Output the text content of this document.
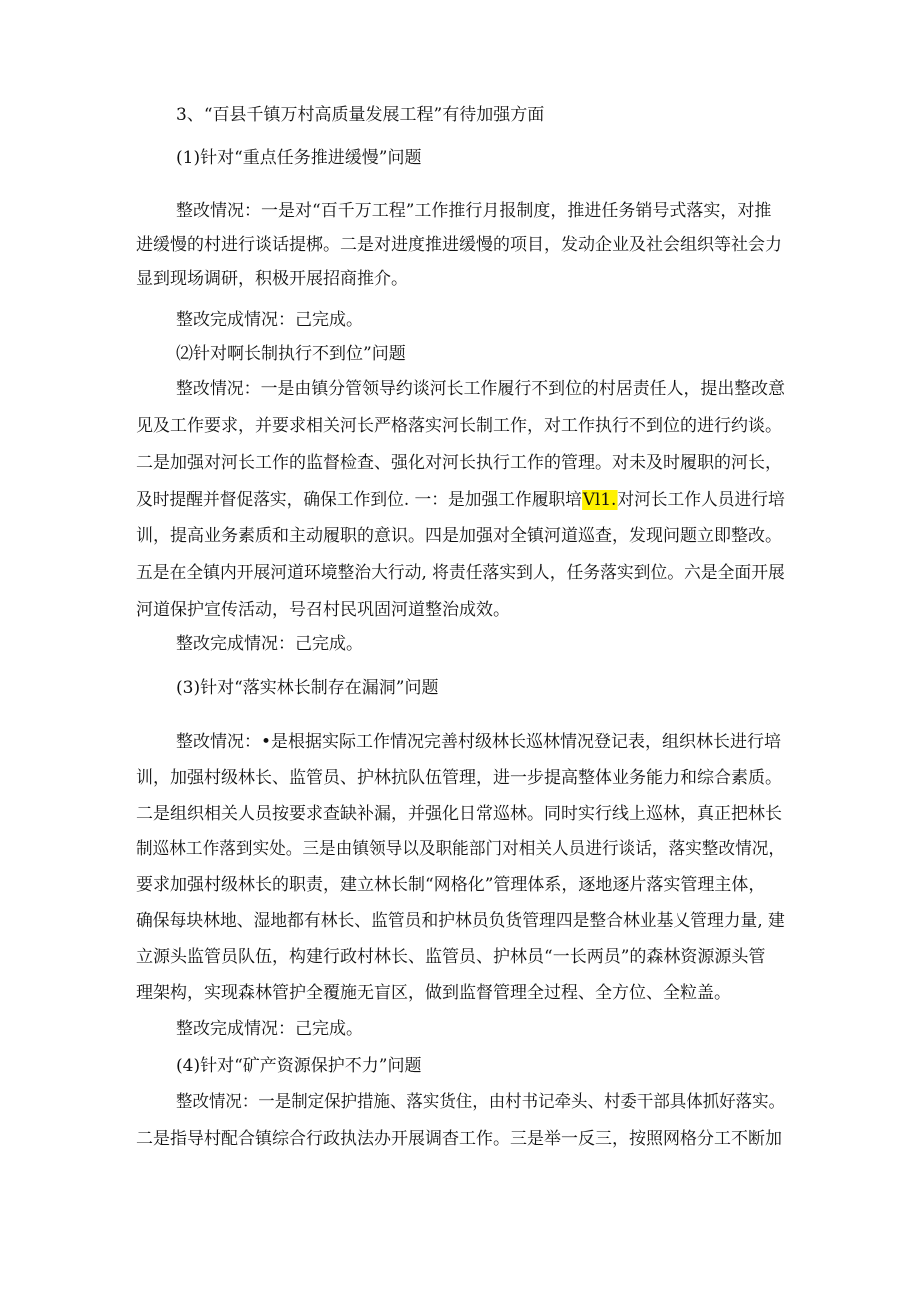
3、“百县千镇万村高质量发展工程”有待加强方面
(1)针对“重点任务推进缓慢”问题
整改情况：一是对“百千万工程”工作推行月报制度，推进任务销号式落实，对推
进缓慢的村进行谈话提梆。二是对进度推进缓慢的项目，发动企业及社会组织等社会力
显到现场调研，积极开展招商推介。
整改完成情况：己完成。
⑵针对啊长制执行不到位”问题
整改情况：一是由镇分管领导约谈河长工作履行不到位的村居责任人，提出整改意
见及工作要求，并要求相关河长严格落实河长制工作，对工作执行不到位的进行约谈。
二是加强对河长工作的监督检查、强化对河长执行工作的管理。对未及时履职的河长，
及时提醒并督促落实，确保工作到位. 一：是加强工作履职培Vl1.对河长工作人员进行培
训，提高业务素质和主动履职的意识。四是加强对全镇河道巡查，发现问题立即整改。
五是在全镇内开展河道环境整治大行动, 将责任落实到人，任务落实到位。六是全面开展
河道保护宣传活动，号召村民巩固河道整治成效。
整改完成情况：己完成。
(3)针对“落实林长制存在漏洞”问题
整改情况：•是根据实际工作情况完善村级林长巡林情况登记表，组织林长进行培
训，加强村级林长、监管员、护林抗队伍管理，进一步提高整体业务能力和综合素质。
二是组织相关人员按要求查缺补漏，并强化日常巡林。同时实行线上巡林，真正把林长
制巡林工作落到实处。三是由镇领导以及职能部门对相关人员进行谈话，落实整改情况，
要求加强村级林长的职责，建立林长制“网格化”管理体系，逐地逐片落实管理主体，
确保每块林地、湿地都有林长、监管员和护林员负货管理四是整合林业基乂管理力量, 建
立源头监管员队伍，构建行政村林长、监管员、护林员“一长两员”的森林资源源头管
理架构，实现森林管护全覆施无盲区，做到监督管理全过程、全方位、全粒盖。
整改完成情况：己完成。
(4)针对“矿产资源保护不力”问题
整改情况：一是制定保护措施、落实货住，由村书记牵头、村委干部具体抓好落实。
二是指导村配合镇综合行政执法办开展调杳工作。三是举一反三，按照网格分工不断加
